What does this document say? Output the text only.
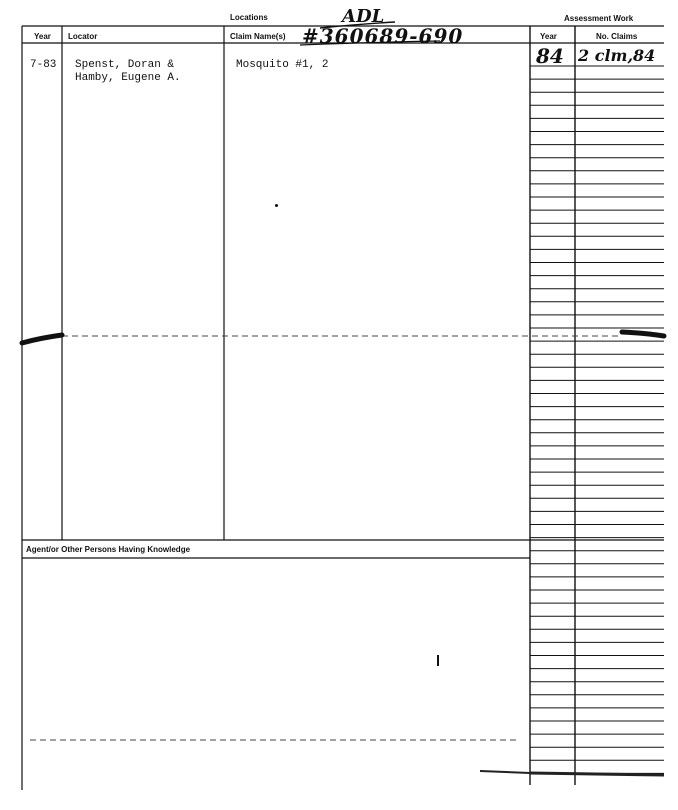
Locations
Year Locator	Claim Name(s)
Assessment Work
Year	No. Claims
ADL
#360689-690
84 2 clm,84
7-83 Spenst, Doran &
Hamby, Eugene A.
Mosquito #1, 2
Agent/or Other Persons Having Knowledge
